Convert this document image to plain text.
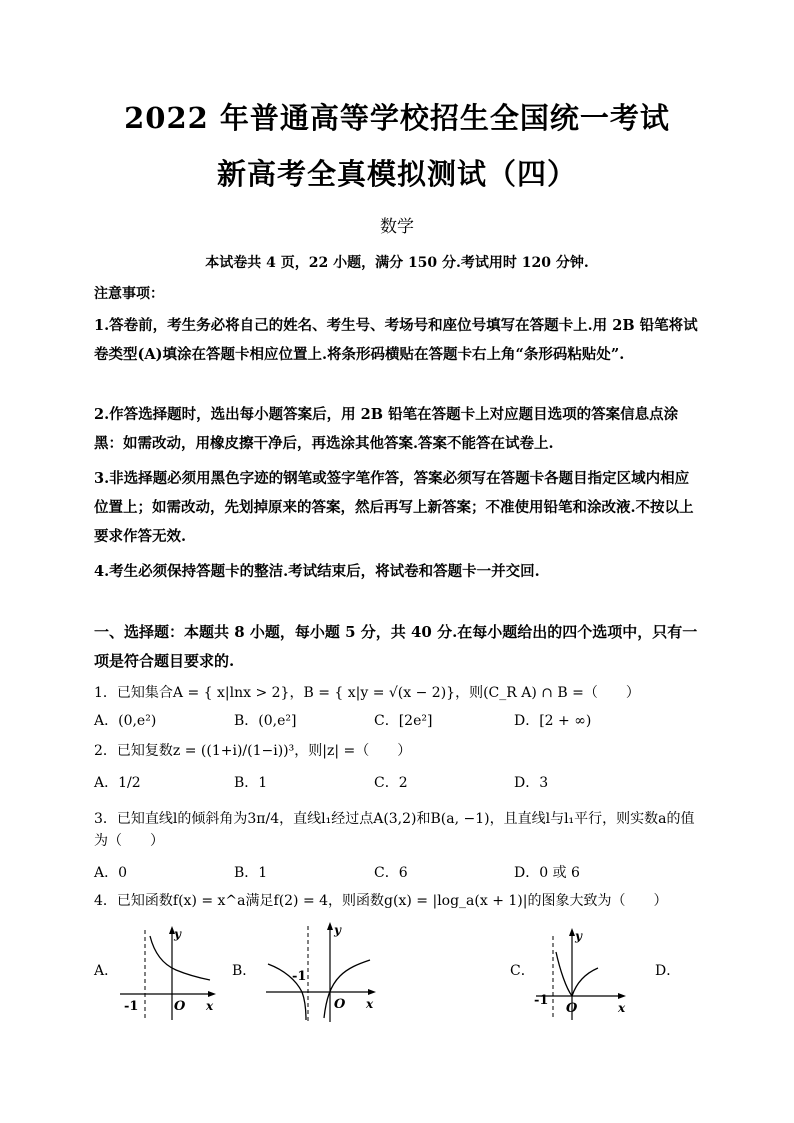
2022 年普通高等学校招生全国统一考试
新高考全真模拟测试（四）
数学
本试卷共 4 页，22 小题，满分 150 分.考试用时 120 分钟.
注意事项：
1.答卷前，考生务必将自己的姓名、考生号、考场号和座位号填写在答题卡上.用 2B 铅笔将试卷类型(A)填涂在答题卡相应位置上.将条形码横贴在答题卡右上角“条形码粘贴处”.
2.作答选择题时，选出每小题答案后，用 2B 铅笔在答题卡上对应题目选项的答案信息点涂黑：如需改动，用橡皮擦干净后，再选涂其他答案.答案不能答在试卷上.
3.非选择题必须用黑色字迹的钢笔或签字笔作答，答案必须写在答题卡各题目指定区域内相应位置上；如需改动，先划掉原来的答案，然后再写上新答案；不准使用铅笔和涂改液.不按以上要求作答无效.
4.考生必须保持答题卡的整洁.考试结束后，将试卷和答题卡一并交回.
一、选择题：本题共 8 小题，每小题 5 分，共 40 分.在每小题给出的四个选项中，只有一项是符合题目要求的.
1．已知集合A = { x|lnx > 2}，B = { x|y = √(x − 2)}，则(C_R A) ∩ B =（　　）
A．(0,e²)	B．(0,e²]	C．[2e²]	D．[2 + ∞)
2．已知复数z = ((1+i)/(1−i))³，则|z| =（　　）
A．1/2	B．1	C．2	D．3
3．已知直线l的倾斜角为3π/4，直线l₁经过点A(3,2)和B(a, −1)，且直线l与l₁平行，则实数a的值为（　　）
A．0	B．1	C．6	D．0 或 6
4．已知函数f(x) = x^a满足f(2) = 4，则函数g(x) = |log_a(x + 1)|的图象大致为（　　）
A．	B．	C．	D．
y
x
O
-1
y
x
O
-1
y
x
O
-1
